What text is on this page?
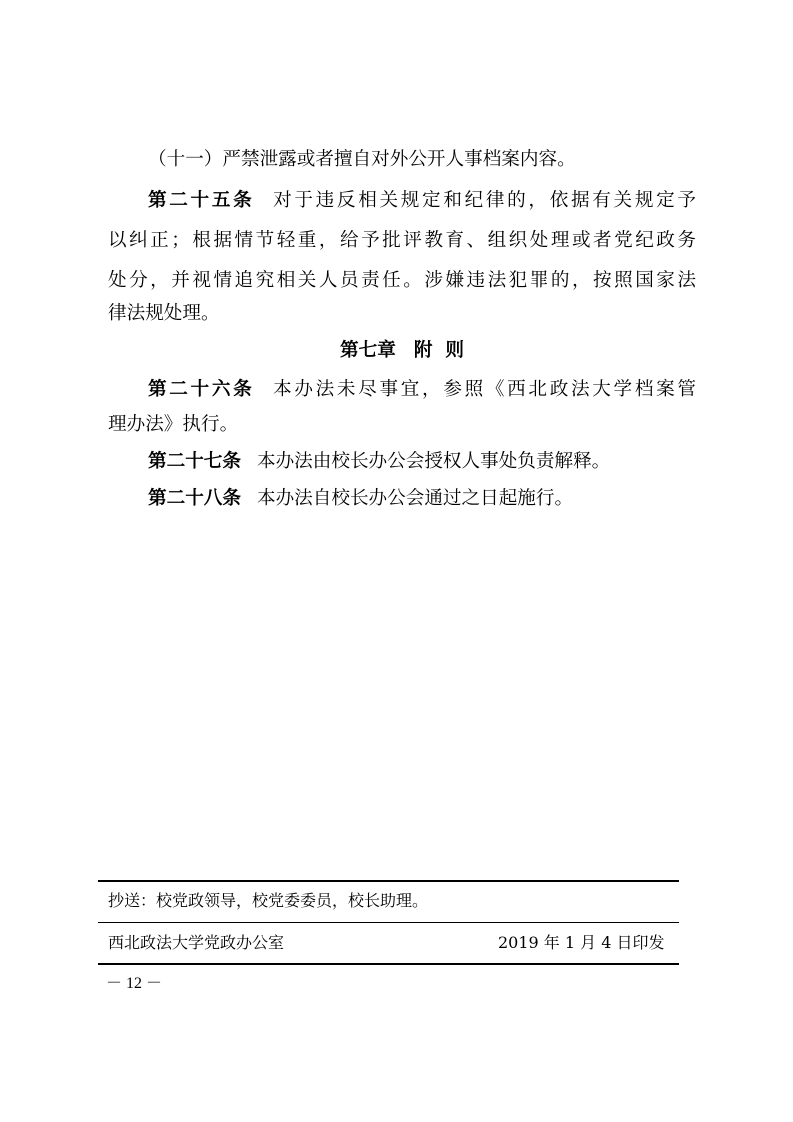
（十一）严禁泄露或者擅自对外公开人事档案内容。
第二十五条 对于违反相关规定和纪律的，依据有关规定予
以纠正；根据情节轻重，给予批评教育、组织处理或者党纪政务
处分，并视情追究相关人员责任。涉嫌违法犯罪的，按照国家法
律法规处理。
第七章 附  则
第二十六条 本办法未尽事宜，参照《西北政法大学档案管
理办法》执行。
第二十七条 本办法由校长办公会授权人事处负责解释。
第二十八条 本办法自校长办公会通过之日起施行。
抄送：校党政领导，校党委委员，校长助理。
西北政法大学党政办公室	2019 年 1 月 4 日印发
－ 12 －
